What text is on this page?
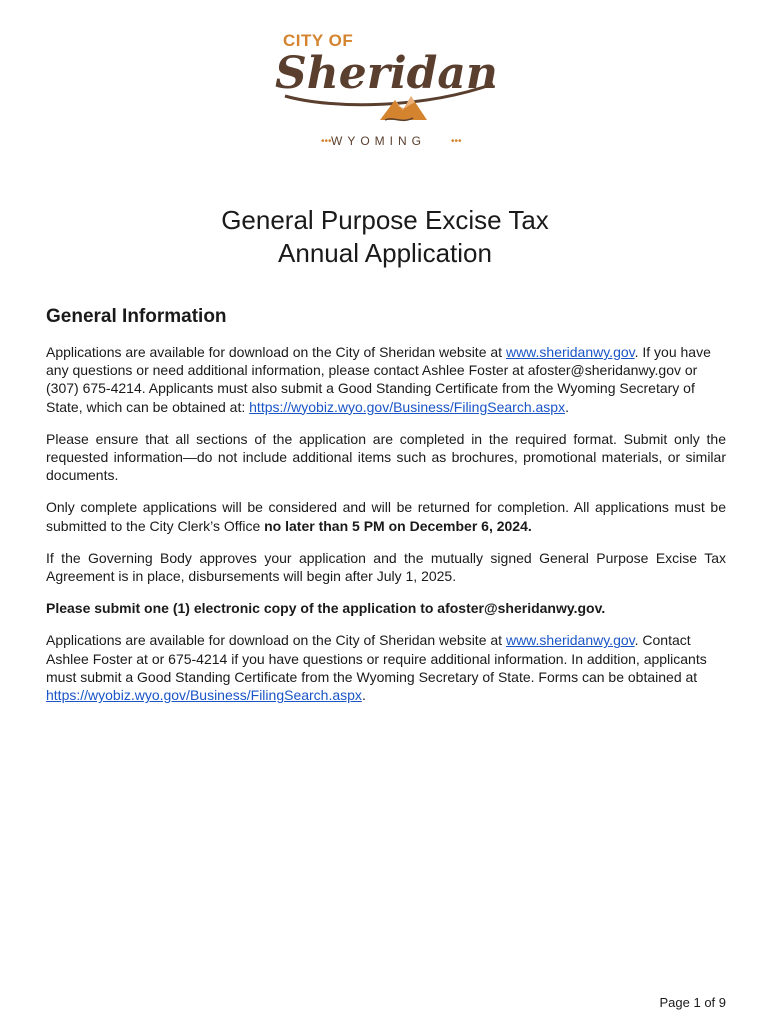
CITY OF
Sheridan
WYOMING
•••	•••
General Purpose Excise Tax
Annual Application
General Information

Applications are available for download on the City of Sheridan website at www.sheridanwy.gov. If you have any questions or need additional information, please contact Ashlee Foster at afoster@sheridanwy.gov or (307) 675-4214. Applicants must also submit a Good Standing Certificate from the Wyoming Secretary of State, which can be obtained at: https://wyobiz.wyo.gov/Business/FilingSearch.aspx.

Please ensure that all sections of the application are completed in the required format. Submit only the requested information—do not include additional items such as brochures, promotional materials, or similar documents.

Only complete applications will be considered and will be returned for completion. All applications must be submitted to the City Clerk’s Office no later than 5 PM on December 6, 2024.

If the Governing Body approves your application and the mutually signed General Purpose Excise Tax Agreement is in place, disbursements will begin after July 1, 2025.

Please submit one (1) electronic copy of the application to afoster@sheridanwy.gov.

Applications are available for download on the City of Sheridan website at www.sheridanwy.gov. Contact Ashlee Foster at or 675-4214 if you have questions or require additional information. In addition, applicants must submit a Good Standing Certificate from the Wyoming Secretary of State. Forms can be obtained at https://wyobiz.wyo.gov/Business/FilingSearch.aspx.

Page 1 of 9
